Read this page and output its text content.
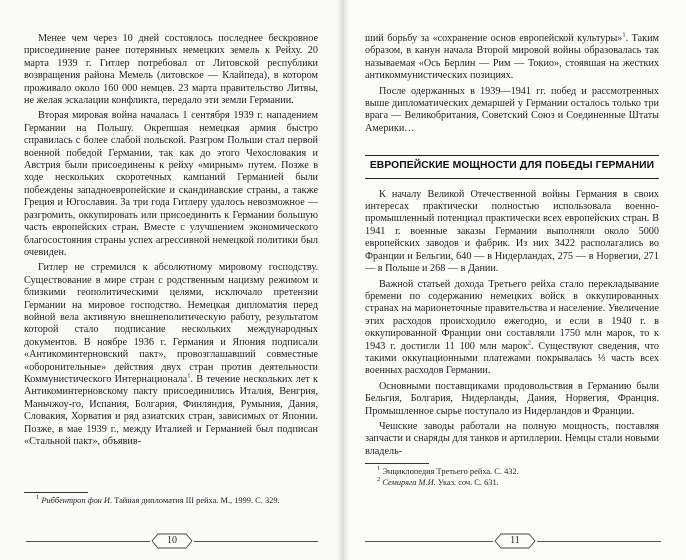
Менее чем через 10 дней состоялось последнее бескровное присоединение ранее потерянных немецких земель к Рейху. 20 марта 1939 г. Гитлер потребовал от Литовской республики возвращения района Мемель (литовское — Клайпеда), в котором проживало около 160 000 немцев. 23 марта правительство Литвы, не желая эскалации конфликта, передало эти земли Германии.

Вторая мировая война началась 1 сентября 1939 г. нападением Германии на Польшу. Окрепшая немецкая армия быстро справилась с более слабой польской. Разгром Польши стал первой военной победой Германии, так как до этого Чехословакия и Австрия были присоединены к рейху «мирным» путем. Позже в ходе нескольких скоротечных кампаний Германией были побеждены западноевропейские и скандинавские страны, а также Греция и Югославия. За три года Гитлеру удалось невозможное — разгромить, оккупировать или присоединить к Германии большую часть европейских стран. Вместе с улучшением экономического благосостояния страны успех агрессивной немецкой политики был очевиден.

Гитлер не стремился к абсолютному мировому господству. Существование в мире стран с родственным нацизму режимом и близкими геополитическими целями, исключало претензии Германии на мировое господство. Немецкая дипломатия перед войной вела активную внешнеполитическую работу, результатом которой стало подписание нескольких международных документов. В ноябре 1936 г. Германия и Япония подписали «Антикоминтерновский пакт», провозглашавший совместные «оборонительные» действия двух стран против деятельности Коммунистического Интернационала$^1$. В течение нескольких лет к Антикоминтерновскому пакту присоединились Италия, Венгрия, Маньчжоу-го, Испания, Болгария, Финляндия, Румыния, Дания, Словакия, Хорватия и ряд азиатских стран, зависимых от Японии. Позже, в мае 1939 г., между Италией и Германией был подписан «Стальной пакт», объявив-

$^1$ Риббентроп фон И. Тайная дипломатия III рейха. М., 1999. С. 329.
10

ший борьбу за «сохранение основ европейской культуры»$^1$. Таким образом, в канун начала Второй мировой войны образовалась так называемая «Ось Берлин — Рим — Токио», стоявшая на жестких антикоммунистических позициях.

После одержанных в 1939—1941 гг. побед и рассмотренных выше дипломатических демаршей у Германии осталось только три врага — Великобритания, Советский Союз и Соединенные Штаты Америки…

ЕВРОПЕЙСКИЕ МОЩНОСТИ ДЛЯ ПОБЕДЫ ГЕРМАНИИ

К началу Великой Отечественной войны Германия в своих интересах практически полностью использовала военно-промышленный потенциал практически всех европейских стран. В 1941 г. военные заказы Германии выполняли около 5000 европейских заводов и фабрик. Из них 3422 располагались во Франции и Бельгии, 640 — в Нидерландах, 275 — в Норвегии, 271 — в Польше и 268 — в Дании.

Важной статьей дохода Третьего рейха стало перекладывание бремени по содержанию немецких войск в оккупированных странах на марионеточные правительства и население. Увеличение этих расходов происходило ежегодно, и если в 1940 г. в оккупированной Франции они составляли 1750 млн марок, то к 1943 г. достигли 11 100 млн марок$^2$. Существуют сведения, что такими оккупационными платежами покрывалась ⅓ часть всех военных расходов Германии.

Основными поставщиками продовольствия в Германию были Бельгия, Болгария, Нидерланды, Дания, Норвегия, Франция. Промышленное сырье поступало из Нидерландов и Франции.

Чешские заводы работали на полную мощность, поставляя запчасти и снаряды для танков и артиллерии. Немцы стали новыми владель-

$^1$ Энциклопедия Третьего рейха. С. 432.
$^2$ Семиряга М.И. Указ. соч. С. 631.
11
